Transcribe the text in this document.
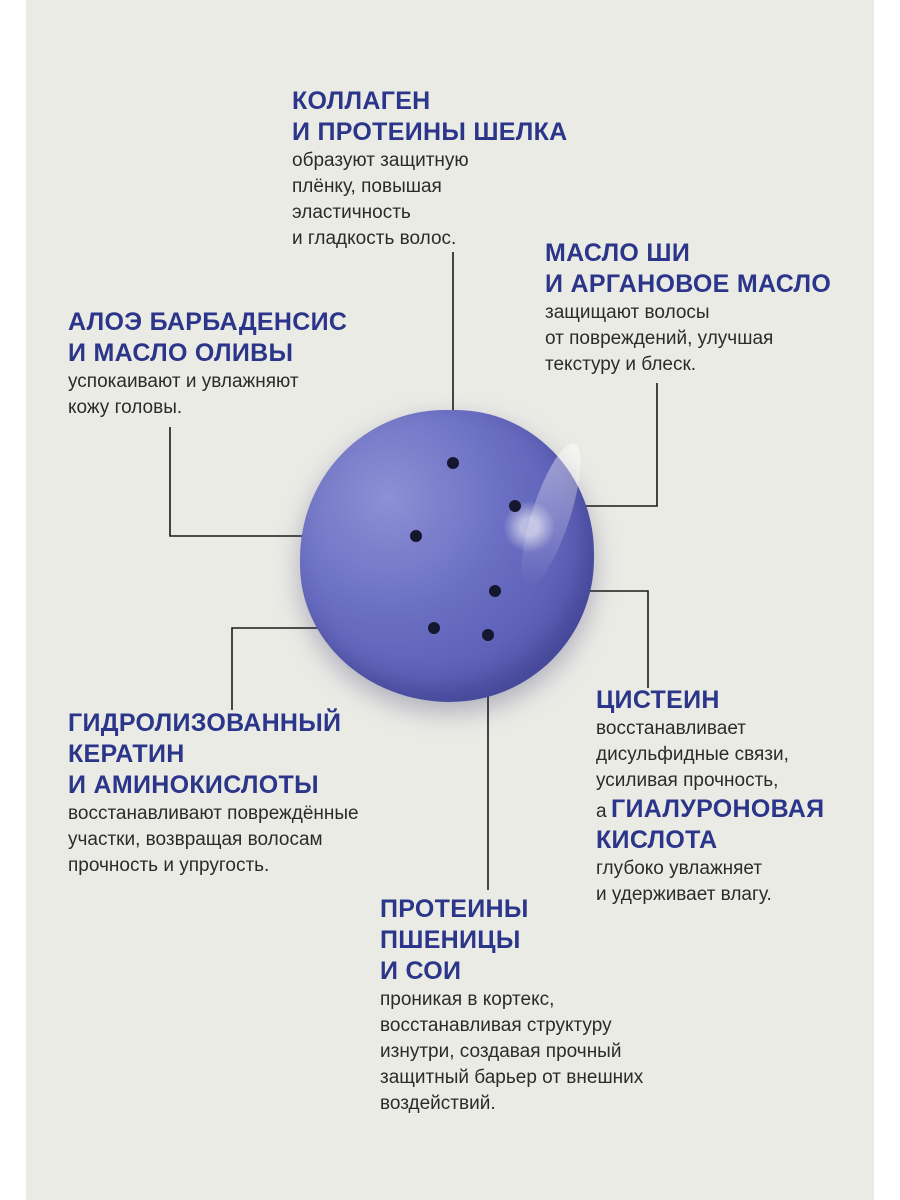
КОЛЛАГЕН
И ПРОТЕИНЫ ШЕЛКА
образуют защитную
плёнку, повышая
эластичность
и гладкость волос.
МАСЛО ШИ
И АРГАНОВОЕ МАСЛО
защищают волосы
от повреждений, улучшая
текстуру и блеск.
АЛОЭ БАРБАДЕНСИС
И МАСЛО ОЛИВЫ
успокаивают и увлажняют
кожу головы.
ГИДРОЛИЗОВАННЫЙ
КЕРАТИН
И АМИНОКИСЛОТЫ
восстанавливают повреждённые
участки, возвращая волосам
прочность и упругость.
ЦИСТЕИН
восстанавливает
дисульфидные связи,
усиливая прочность,
а ГИАЛУРОНОВАЯ
КИСЛОТА
глубоко увлажняет
и удерживает влагу.
ПРОТЕИНЫ
ПШЕНИЦЫ
И СОИ
проникая в кортекс,
восстанавливая структуру
изнутри, создавая прочный
защитный барьер от внешних
воздействий.
